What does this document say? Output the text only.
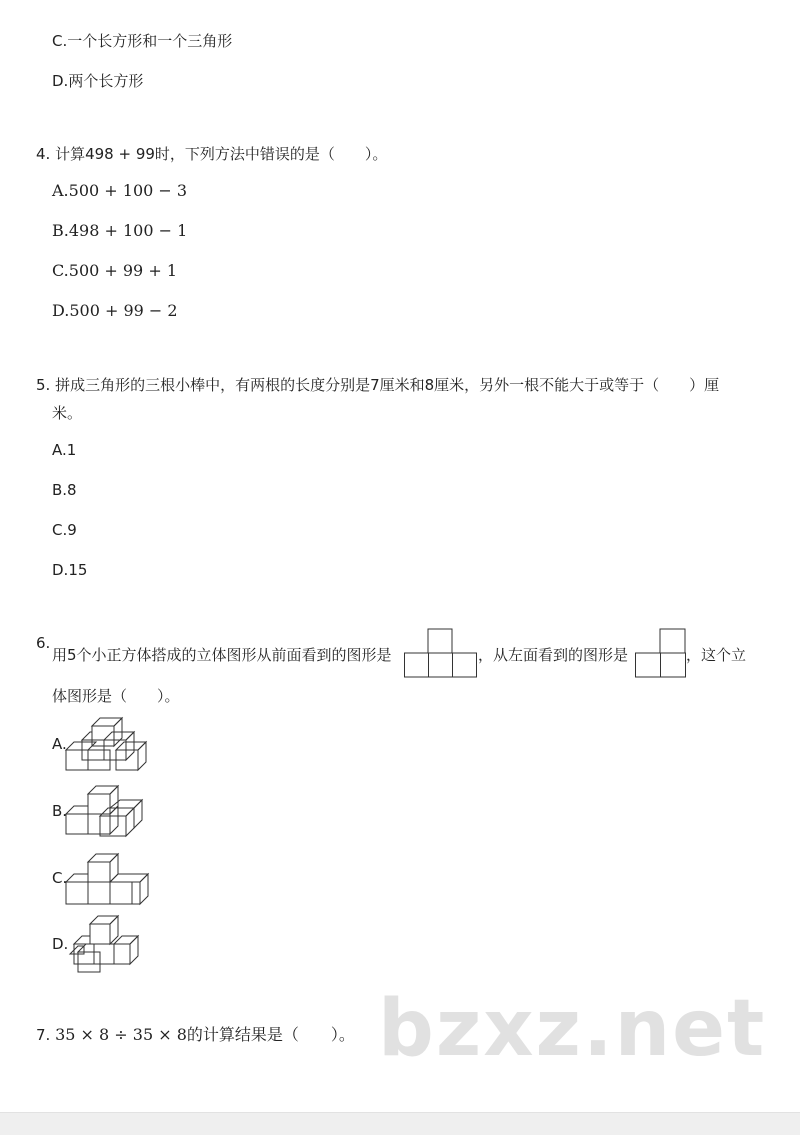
C.一个长方形和一个三角形
D.两个长方形
4. 计算498 + 99时，下列方法中错误的是（　　）。
A.500 + 100 − 3
B.498 + 100 − 1
C.500 + 99 + 1
D.500 + 99 − 2
5. 拼成三角形的三根小棒中，有两根的长度分别是7厘米和8厘米，另外一根不能大于或等于（　　）厘
米。
A.1
B.8
C.9
D.15
6.
用5个小正方体搭成的立体图形从前面看到的图形是	，从左面看到的图形是	，这个立
体图形是（　　）。
A.
B.
C.
D.
7. 35 × 8 ÷ 35 × 8的计算结果是（　　）。 bzxz.net
